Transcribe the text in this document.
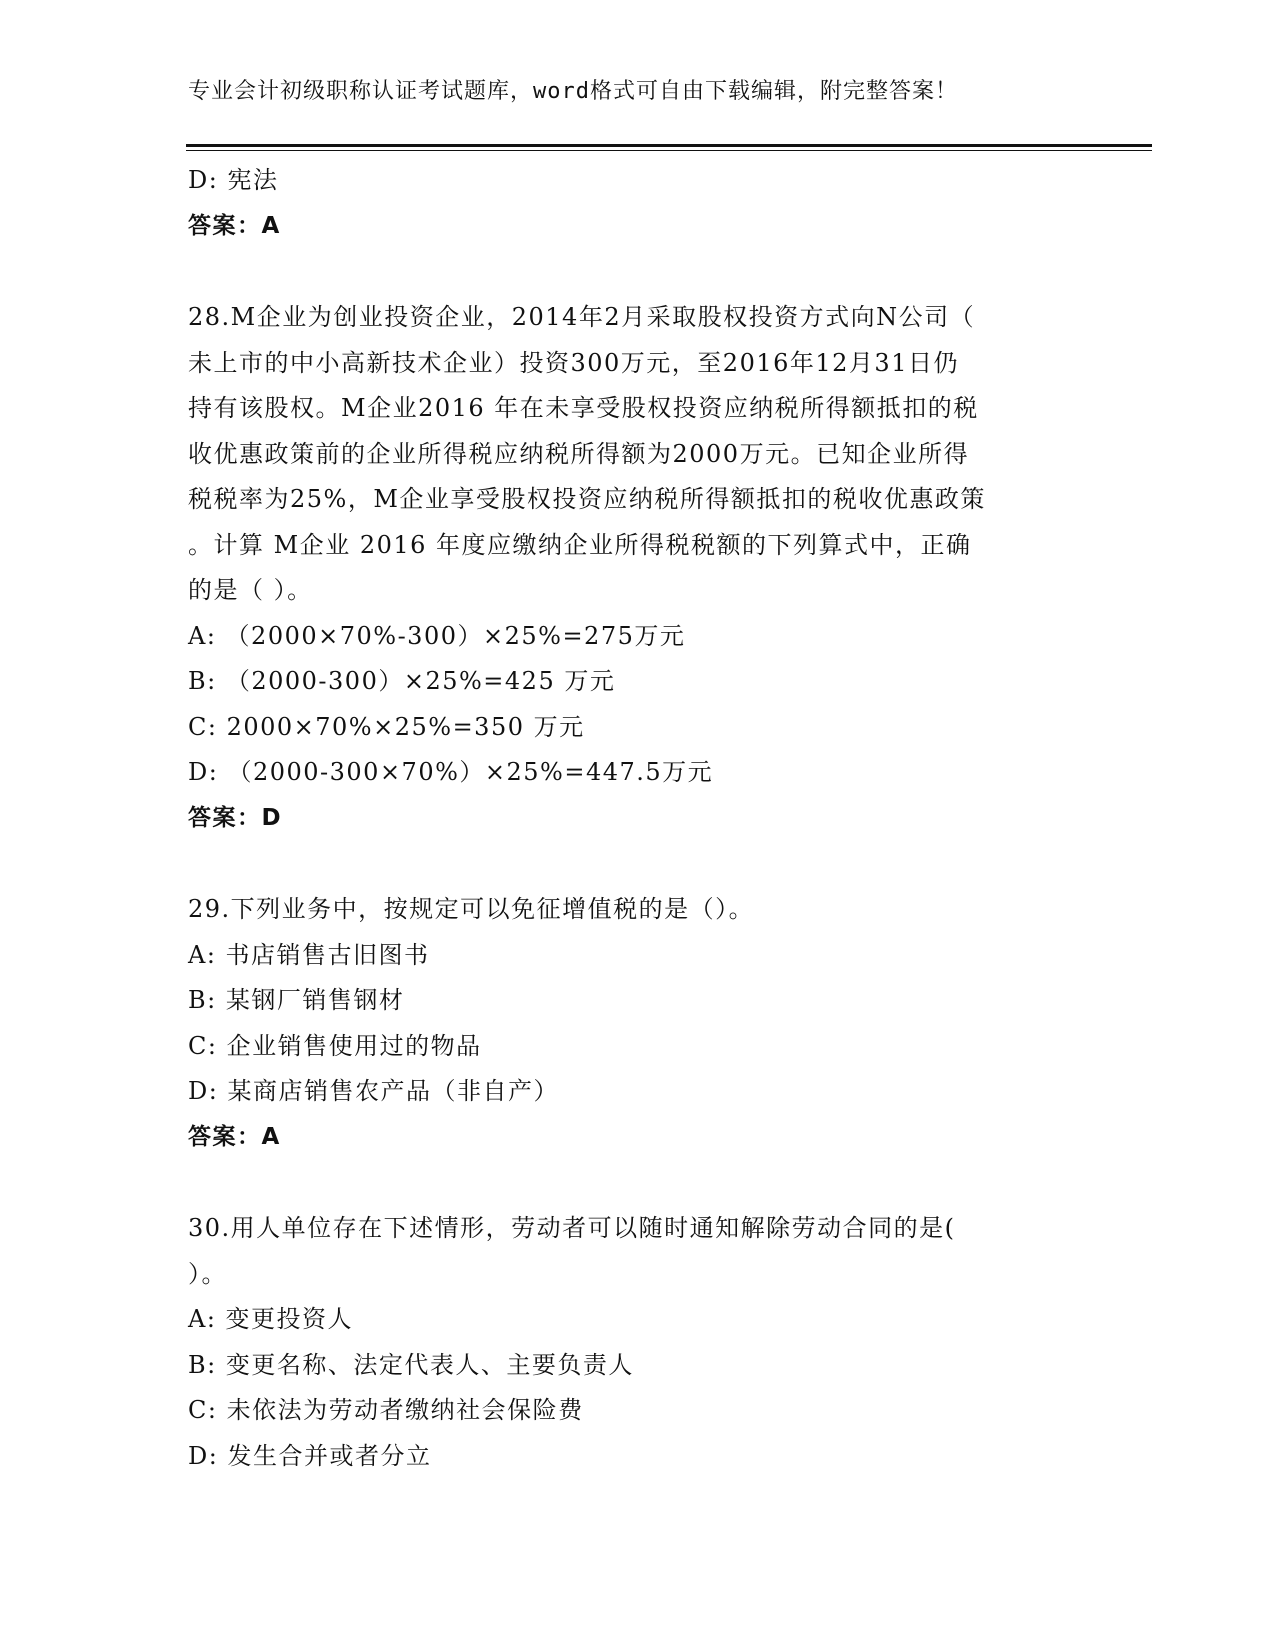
专业会计初级职称认证考试题库，word格式可自由下载编辑，附完整答案！
D: 宪法
答案：A
28.M企业为创业投资企业，2014年2月采取股权投资方式向N公司（
未上市的中小高新技术企业）投资300万元，至2016年12月31日仍
持有该股权。M企业2016 年在未享受股权投资应纳税所得额抵扣的税
收优惠政策前的企业所得税应纳税所得额为2000万元。已知企业所得
税税率为25%，M企业享受股权投资应纳税所得额抵扣的税收优惠政策
。计算 M企业 2016 年度应缴纳企业所得税税额的下列算式中，正确
的是（ ）。
A: （2000×70%-300）×25%=275万元
B: （2000-300）×25%=425 万元
C: 2000×70%×25%=350 万元
D: （2000-300×70%）×25%=447.5万元
答案：D
29.下列业务中，按规定可以免征增值税的是（）。
A: 书店销售古旧图书
B: 某钢厂销售钢材
C: 企业销售使用过的物品
D: 某商店销售农产品（非自产）
答案：A
30.用人单位存在下述情形，劳动者可以随时通知解除劳动合同的是(
）。
A: 变更投资人
B: 变更名称、法定代表人、主要负责人
C: 未依法为劳动者缴纳社会保险费
D: 发生合并或者分立
